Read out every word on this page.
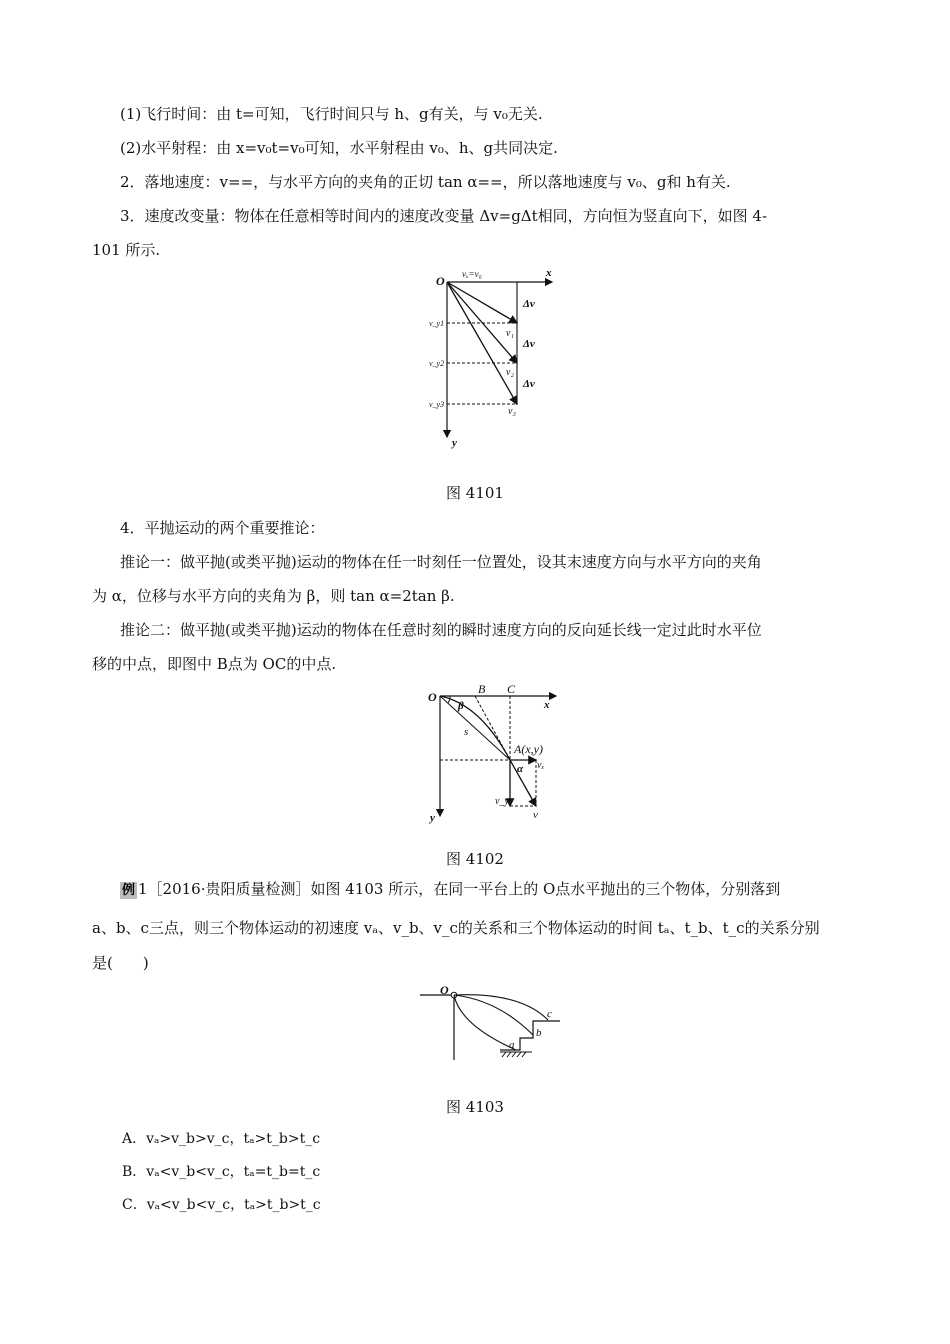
(1)飞行时间：由 t=可知，飞行时间只与 h、g有关，与 v₀无关.
(2)水平射程：由 x=v₀t=v₀可知，水平射程由 v₀、h、g共同决定.
2．落地速度：v==，与水平方向的夹角的正切 tan α==，所以落地速度与 v₀、g和 h有关.
3．速度改变量：物体在任意相等时间内的速度改变量 Δv=gΔt相同，方向恒为竖直向下，如图 4-
101 所示.
O
x
y
vₓ=v₀
Δv
Δv
Δv
v_y1
v_y2
v_y3
v₁
v₂
v₃
图 4101
4．平抛运动的两个重要推论：
推论一：做平抛(或类平抛)运动的物体在任一时刻任一位置处，设其末速度方向与水平方向的夹角
为 α，位移与水平方向的夹角为 β，则 tan α=2tan β.
推论二：做平抛(或类平抛)运动的物体在任意时刻的瞬时速度方向的反向延长线一定过此时水平位
移的中点，即图中 B点为 OC的中点.
O
B C
x
y
β
s
A(x,y)
α vₓ
v_y
v
图 4102
例 1［2016·贵阳质量检测］如图 4103 所示，在同一平台上的 O点水平抛出的三个物体，分别落到
a、b、c三点，则三个物体运动的初速度 vₐ、v_b、v_c的关系和三个物体运动的时间 tₐ、t_b、t_c的关系分别
是(　　)
O
a
b
c
图 4103
A．vₐ>v_b>v_c，tₐ>t_b>t_c
B．vₐ<v_b<v_c，tₐ=t_b=t_c
C．vₐ<v_b<v_c，tₐ>t_b>t_c
